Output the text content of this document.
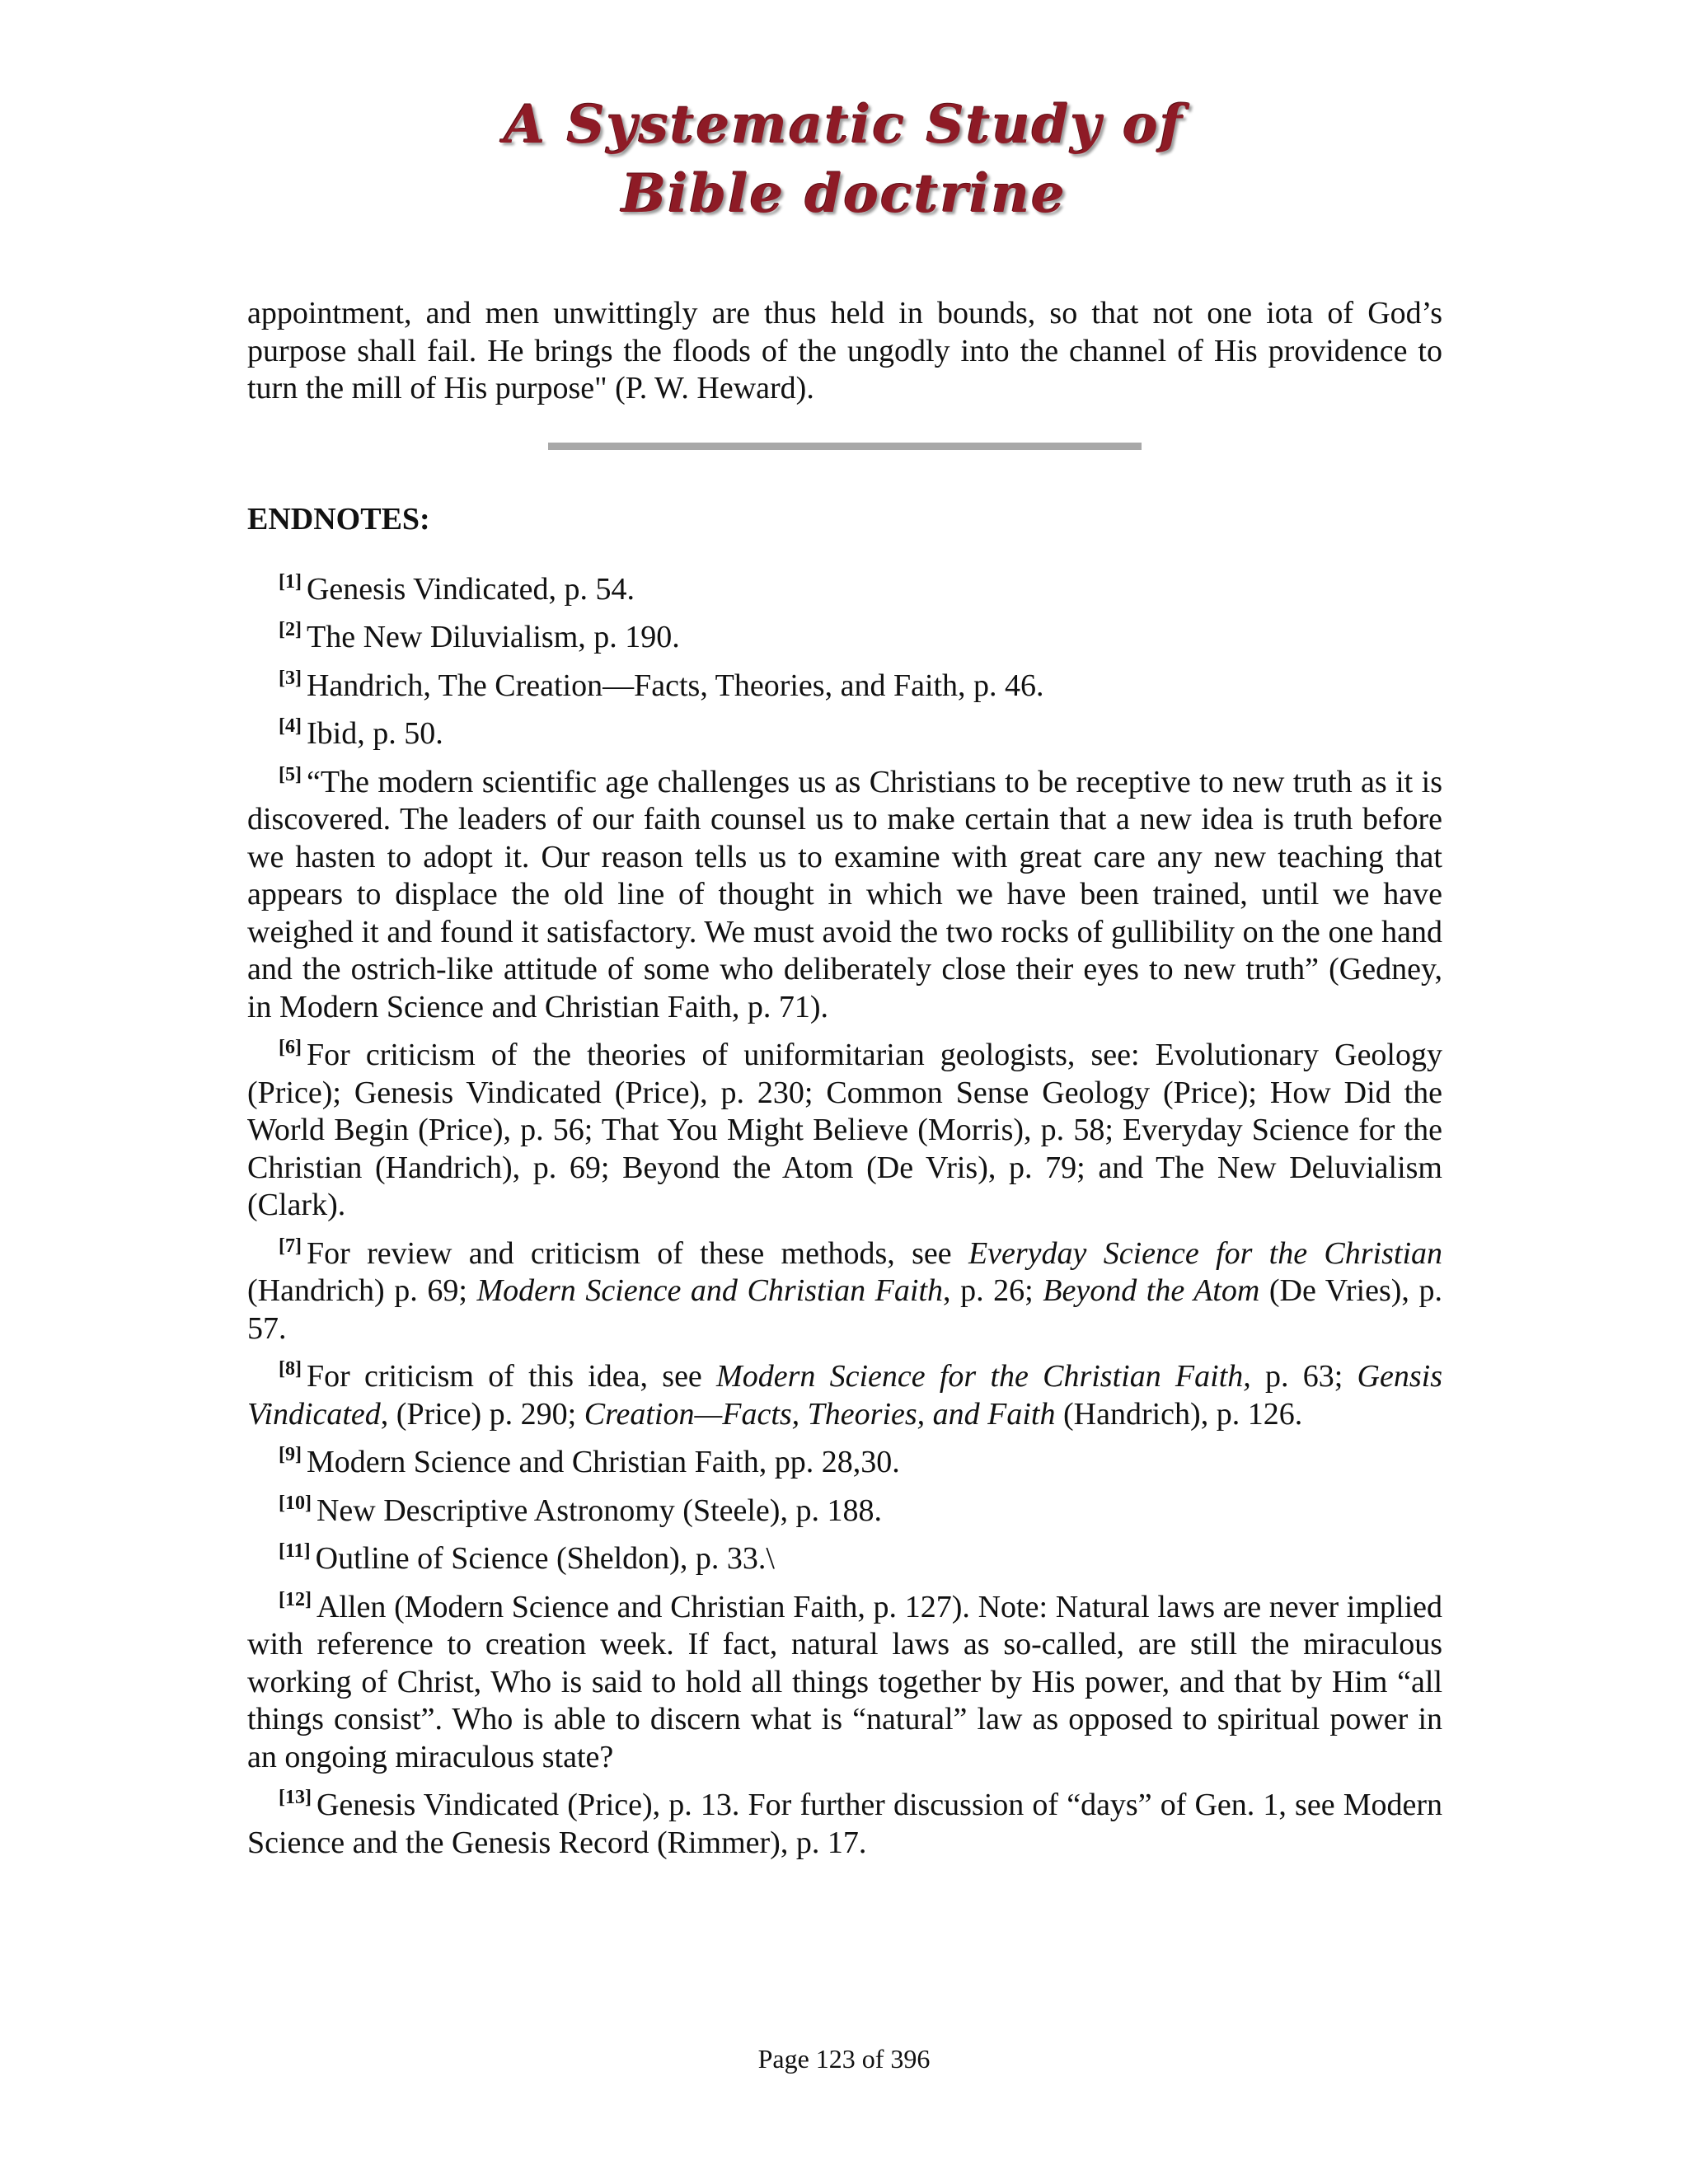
A Systematic Study of
Bible doctrine

appointment, and men unwittingly are thus held in bounds, so that not one iota of God’s purpose shall fail. He brings the floods of the ungodly into the channel of His providence to turn the mill of His purpose" (P. W. Heward).

ENDNOTES:

[1] Genesis Vindicated, p. 54.

[2] The New Diluvialism, p. 190.

[3] Handrich, The Creation—Facts, Theories, and Faith, p. 46.

[4] Ibid, p. 50.

[5] “The modern scientific age challenges us as Christians to be receptive to new truth as it is discovered. The leaders of our faith counsel us to make certain that a new idea is truth before we hasten to adopt it. Our reason tells us to examine with great care any new teaching that appears to displace the old line of thought in which we have been trained, until we have weighed it and found it satisfactory. We must avoid the two rocks of gullibility on the one hand and the ostrich-like attitude of some who deliberately close their eyes to new truth” (Gedney, in Modern Science and Christian Faith, p. 71).

[6] For criticism of the theories of uniformitarian geologists, see: Evolutionary Geology (Price); Genesis Vindicated (Price), p. 230; Common Sense Geology (Price); How Did the World Begin (Price), p. 56; That You Might Believe (Morris), p. 58; Everyday Science for the Christian (Handrich), p. 69; Beyond the Atom (De Vris), p. 79; and The New Deluvialism (Clark).

[7] For review and criticism of these methods, see Everyday Science for the Christian (Handrich) p. 69; Modern Science and Christian Faith, p. 26; Beyond the Atom (De Vries), p. 57.

[8] For criticism of this idea, see Modern Science for the Christian Faith, p. 63; Gensis Vindicated, (Price) p. 290; Creation—Facts, Theories, and Faith (Handrich), p. 126.

[9] Modern Science and Christian Faith, pp. 28,30.

[10] New Descriptive Astronomy (Steele), p. 188.

[11] Outline of Science (Sheldon), p. 33.\

[12] Allen (Modern Science and Christian Faith, p. 127). Note: Natural laws are never implied with reference to creation week. If fact, natural laws as so-called, are still the miraculous working of Christ, Who is said to hold all things together by His power, and that by Him “all things consist”. Who is able to discern what is “natural” law as opposed to spiritual power in an ongoing miraculous state?

[13] Genesis Vindicated (Price), p. 13. For further discussion of “days” of Gen. 1, see Modern Science and the Genesis Record (Rimmer), p. 17.

Page 123 of 396
